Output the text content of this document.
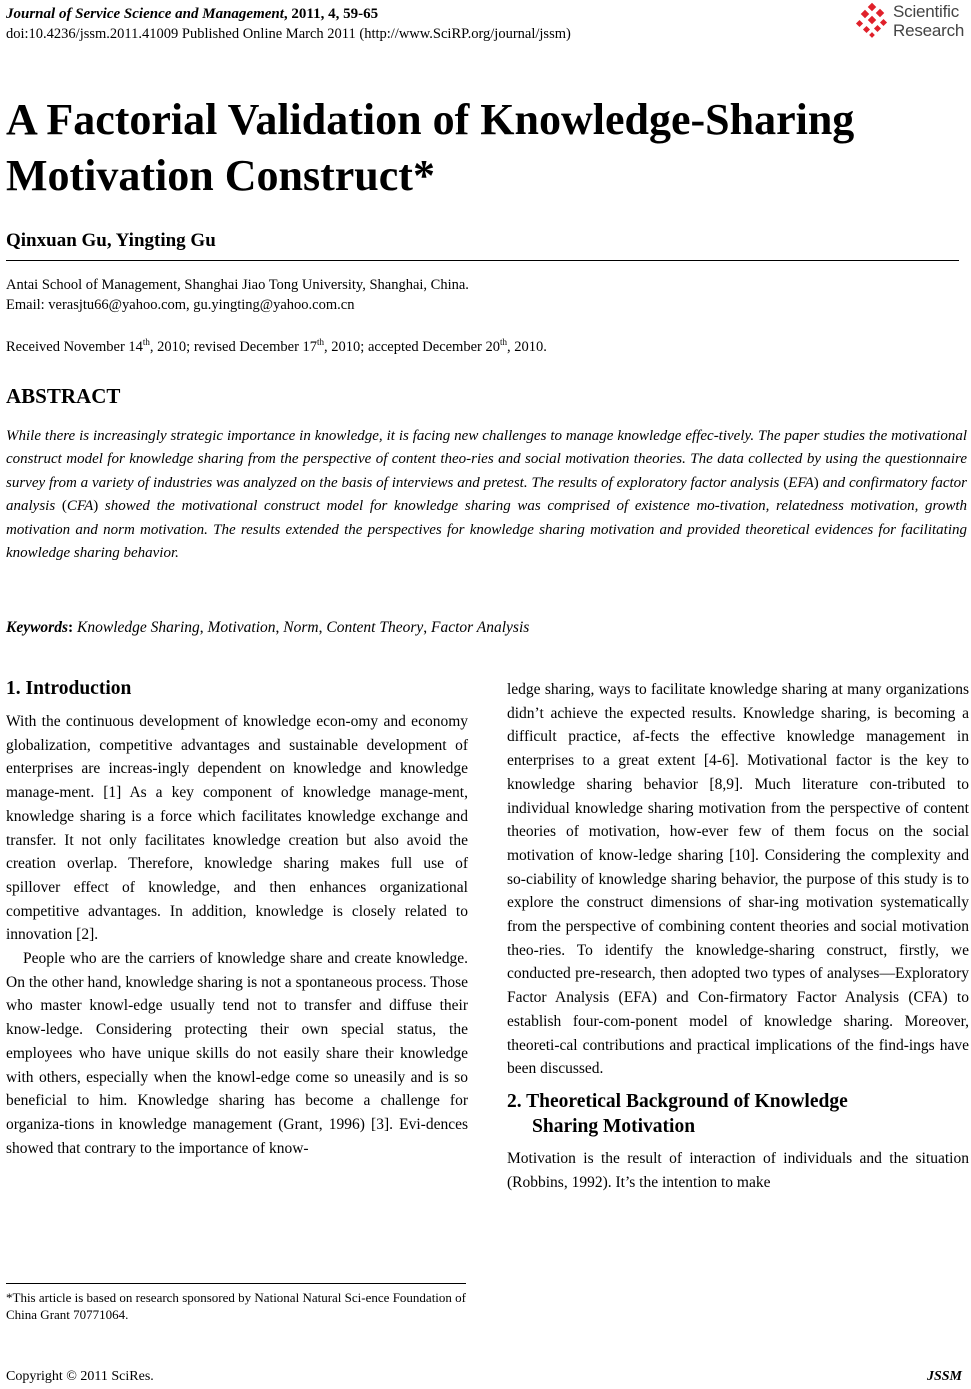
Journal of Service Science and Management, 2011, 4, 59-65
doi:10.4236/jssm.2011.41009 Published Online March 2011 (http://www.SciRP.org/journal/jssm)
Scientific
Research
A Factorial Validation of Knowledge-Sharing Motivation Construct*
Qinxuan Gu, Yingting Gu
Antai School of Management, Shanghai Jiao Tong University, Shanghai, China.
Email: verasjtu66@yahoo.com, gu.yingting@yahoo.com.cn
Received November 14th, 2010; revised December 17th, 2010; accepted December 20th, 2010.
ABSTRACT

While there is increasingly strategic importance in knowledge, it is facing new challenges to manage knowledge effec-tively. The paper studies the motivational construct model for knowledge sharing from the perspective of content theo-ries and social motivation theories. The data collected by using the questionnaire survey from a variety of industries was analyzed on the basis of interviews and pretest. The results of exploratory factor analysis (EFA) and confirmatory factor analysis (CFA) showed the motivational construct model for knowledge sharing was comprised of existence mo-tivation, relatedness motivation, growth motivation and norm motivation. The results extended the perspectives for knowledge sharing motivation and provided theoretical evidences for facilitating knowledge sharing behavior.

Keywords: Knowledge Sharing, Motivation, Norm, Content Theory, Factor Analysis
1. Introduction

With the continuous development of knowledge econ-omy and economy globalization, competitive advantages and sustainable development of enterprises are increas-ingly dependent on knowledge and knowledge manage-ment. [1] As a key component of knowledge manage-ment, knowledge sharing is a force which facilitates knowledge exchange and transfer. It not only facilitates knowledge creation but also avoid the creation overlap. Therefore, knowledge sharing makes full use of spillover effect of knowledge, and then enhances organizational competitive advantages. In addition, knowledge is closely related to innovation [2].

People who are the carriers of knowledge share and create knowledge. On the other hand, knowledge sharing is not a spontaneous process. Those who master knowl-edge usually tend not to transfer and diffuse their know-ledge. Considering protecting their own special status, the employees who have unique skills do not easily share their knowledge with others, especially when the knowl-edge come so uneasily and is so beneficial to him. Knowledge sharing has become a challenge for organiza-tions in knowledge management (Grant, 1996) [3]. Evi-dences showed that contrary to the importance of know-

*This article is based on research sponsored by National Natural Sci-ence Foundation of China Grant 70771064.

ledge sharing, ways to facilitate knowledge sharing at many organizations didn’t achieve the expected results. Knowledge sharing, is becoming a difficult practice, af-fects the effective knowledge management in enterprises to a great extent [4-6]. Motivational factor is the key to knowledge sharing behavior [8,9]. Much literature con-tributed to individual knowledge sharing motivation from the perspective of content theories of motivation, how-ever few of them focus on the social motivation of know-ledge sharing [10]. Considering the complexity and so-ciability of knowledge sharing behavior, the purpose of this study is to explore the construct dimensions of shar-ing motivation systematically from the perspective of combining content theories and social motivation theo-ries. To identify the knowledge-sharing construct, firstly, we conducted pre-research, then adopted two types of analyses—Exploratory Factor Analysis (EFA) and Con-firmatory Factor Analysis (CFA) to establish four-com-ponent model of knowledge sharing. Moreover, theoreti-cal contributions and practical implications of the find-ings have been discussed.

2. Theoretical Background of Knowledge
Sharing Motivation

Motivation is the result of interaction of individuals and the situation (Robbins, 1992). It’s the intention to make

Copyright © 2011 SciRes.	JSSM
